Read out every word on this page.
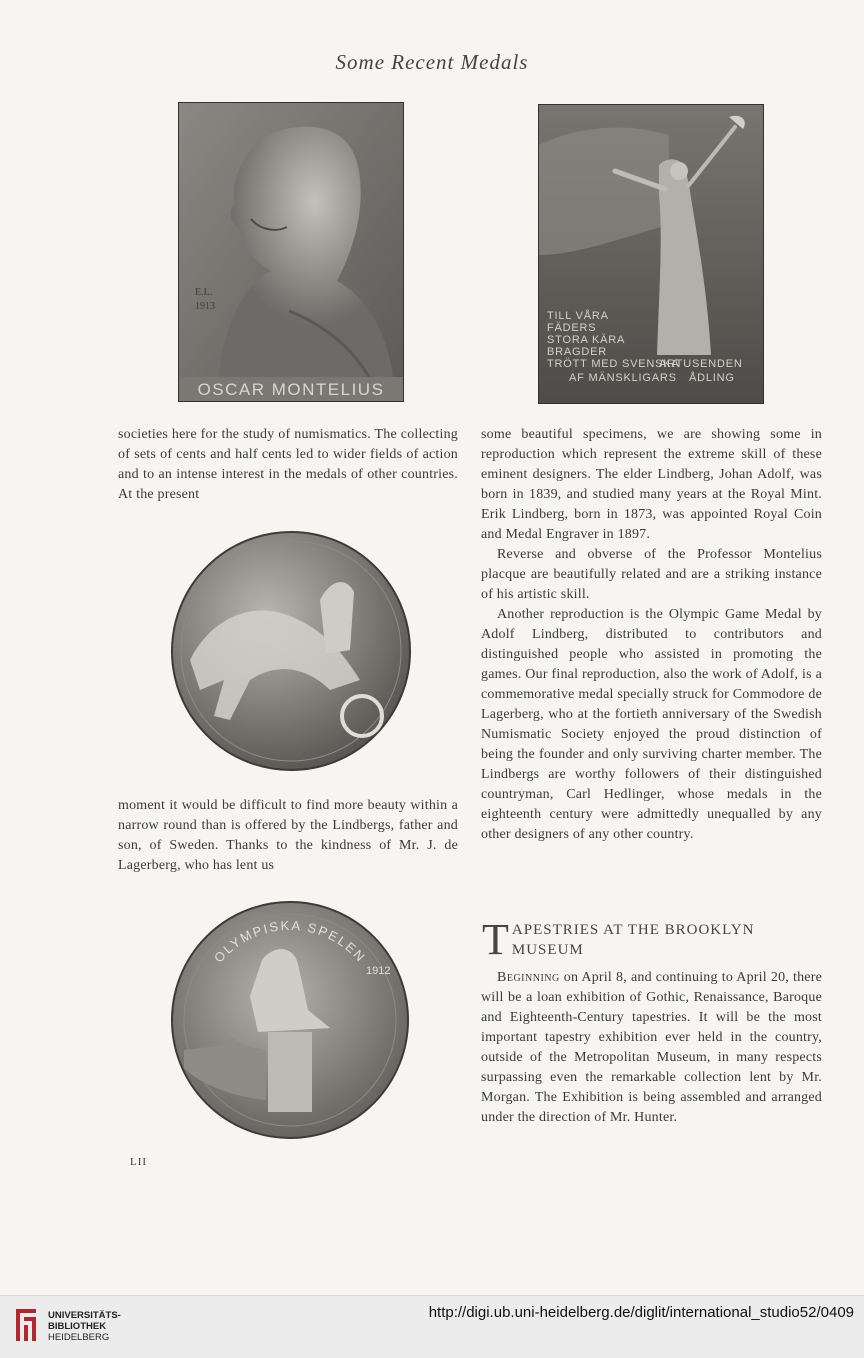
Some Recent Medals
E.L.
1913
OSCAR MONTELIUS
TILL VÅRA
FÄDERS
STORA KÄRA
BRAGDER
TRÖTT MED SVENSKA
ARTUSENDEN
AF MÄNSKLIGARS ÅDLING
OLYMPISKA SPELEN
1912

societies here for the study of numismatics. The collecting of sets of cents and half cents led to wider fields of action and to an intense interest in the medals of other countries. At the present

moment it would be difficult to find more beauty within a narrow round than is offered by the Lindbergs, father and son, of Sweden. Thanks to the kindness of Mr. J. de Lagerberg, who has lent us

some beautiful specimens, we are showing some in reproduction which represent the extreme skill of these eminent designers. The elder Lindberg, Johan Adolf, was born in 1839, and studied many years at the Royal Mint. Erik Lindberg, born in 1873, was appointed Royal Coin and Medal Engraver in 1897.

Reverse and obverse of the Professor Montelius placque are beautifully related and are a striking instance of his artistic skill.

Another reproduction is the Olympic Game Medal by Adolf Lindberg, distributed to contributors and distinguished people who assisted in promoting the games. Our final reproduction, also the work of Adolf, is a commemorative medal specially struck for Commodore de Lagerberg, who at the fortieth anniversary of the Swedish Numismatic Society enjoyed the proud distinction of being the founder and only surviving charter member. The Lindbergs are worthy followers of their distinguished countryman, Carl Hedlinger, whose medals in the eighteenth century were admittedly unequalled by any other designers of any other country.

T APESTRIES AT THE BROOKLYN MUSEUM

Beginning on April 8, and continuing to April 20, there will be a loan exhibition of Gothic, Renaissance, Baroque and Eighteenth-Century tapestries. It will be the most important tapestry exhibition ever held in the country, outside of the Metropolitan Museum, in many respects surpassing even the remarkable collection lent by Mr. Morgan. The Exhibition is being assembled and arranged under the direction of Mr. Hunter.

LII
UNIVERSITÄTS-
BIBLIOTHEK
HEIDELBERG
http://digi.ub.uni-heidelberg.de/diglit/international_studio52/0409
